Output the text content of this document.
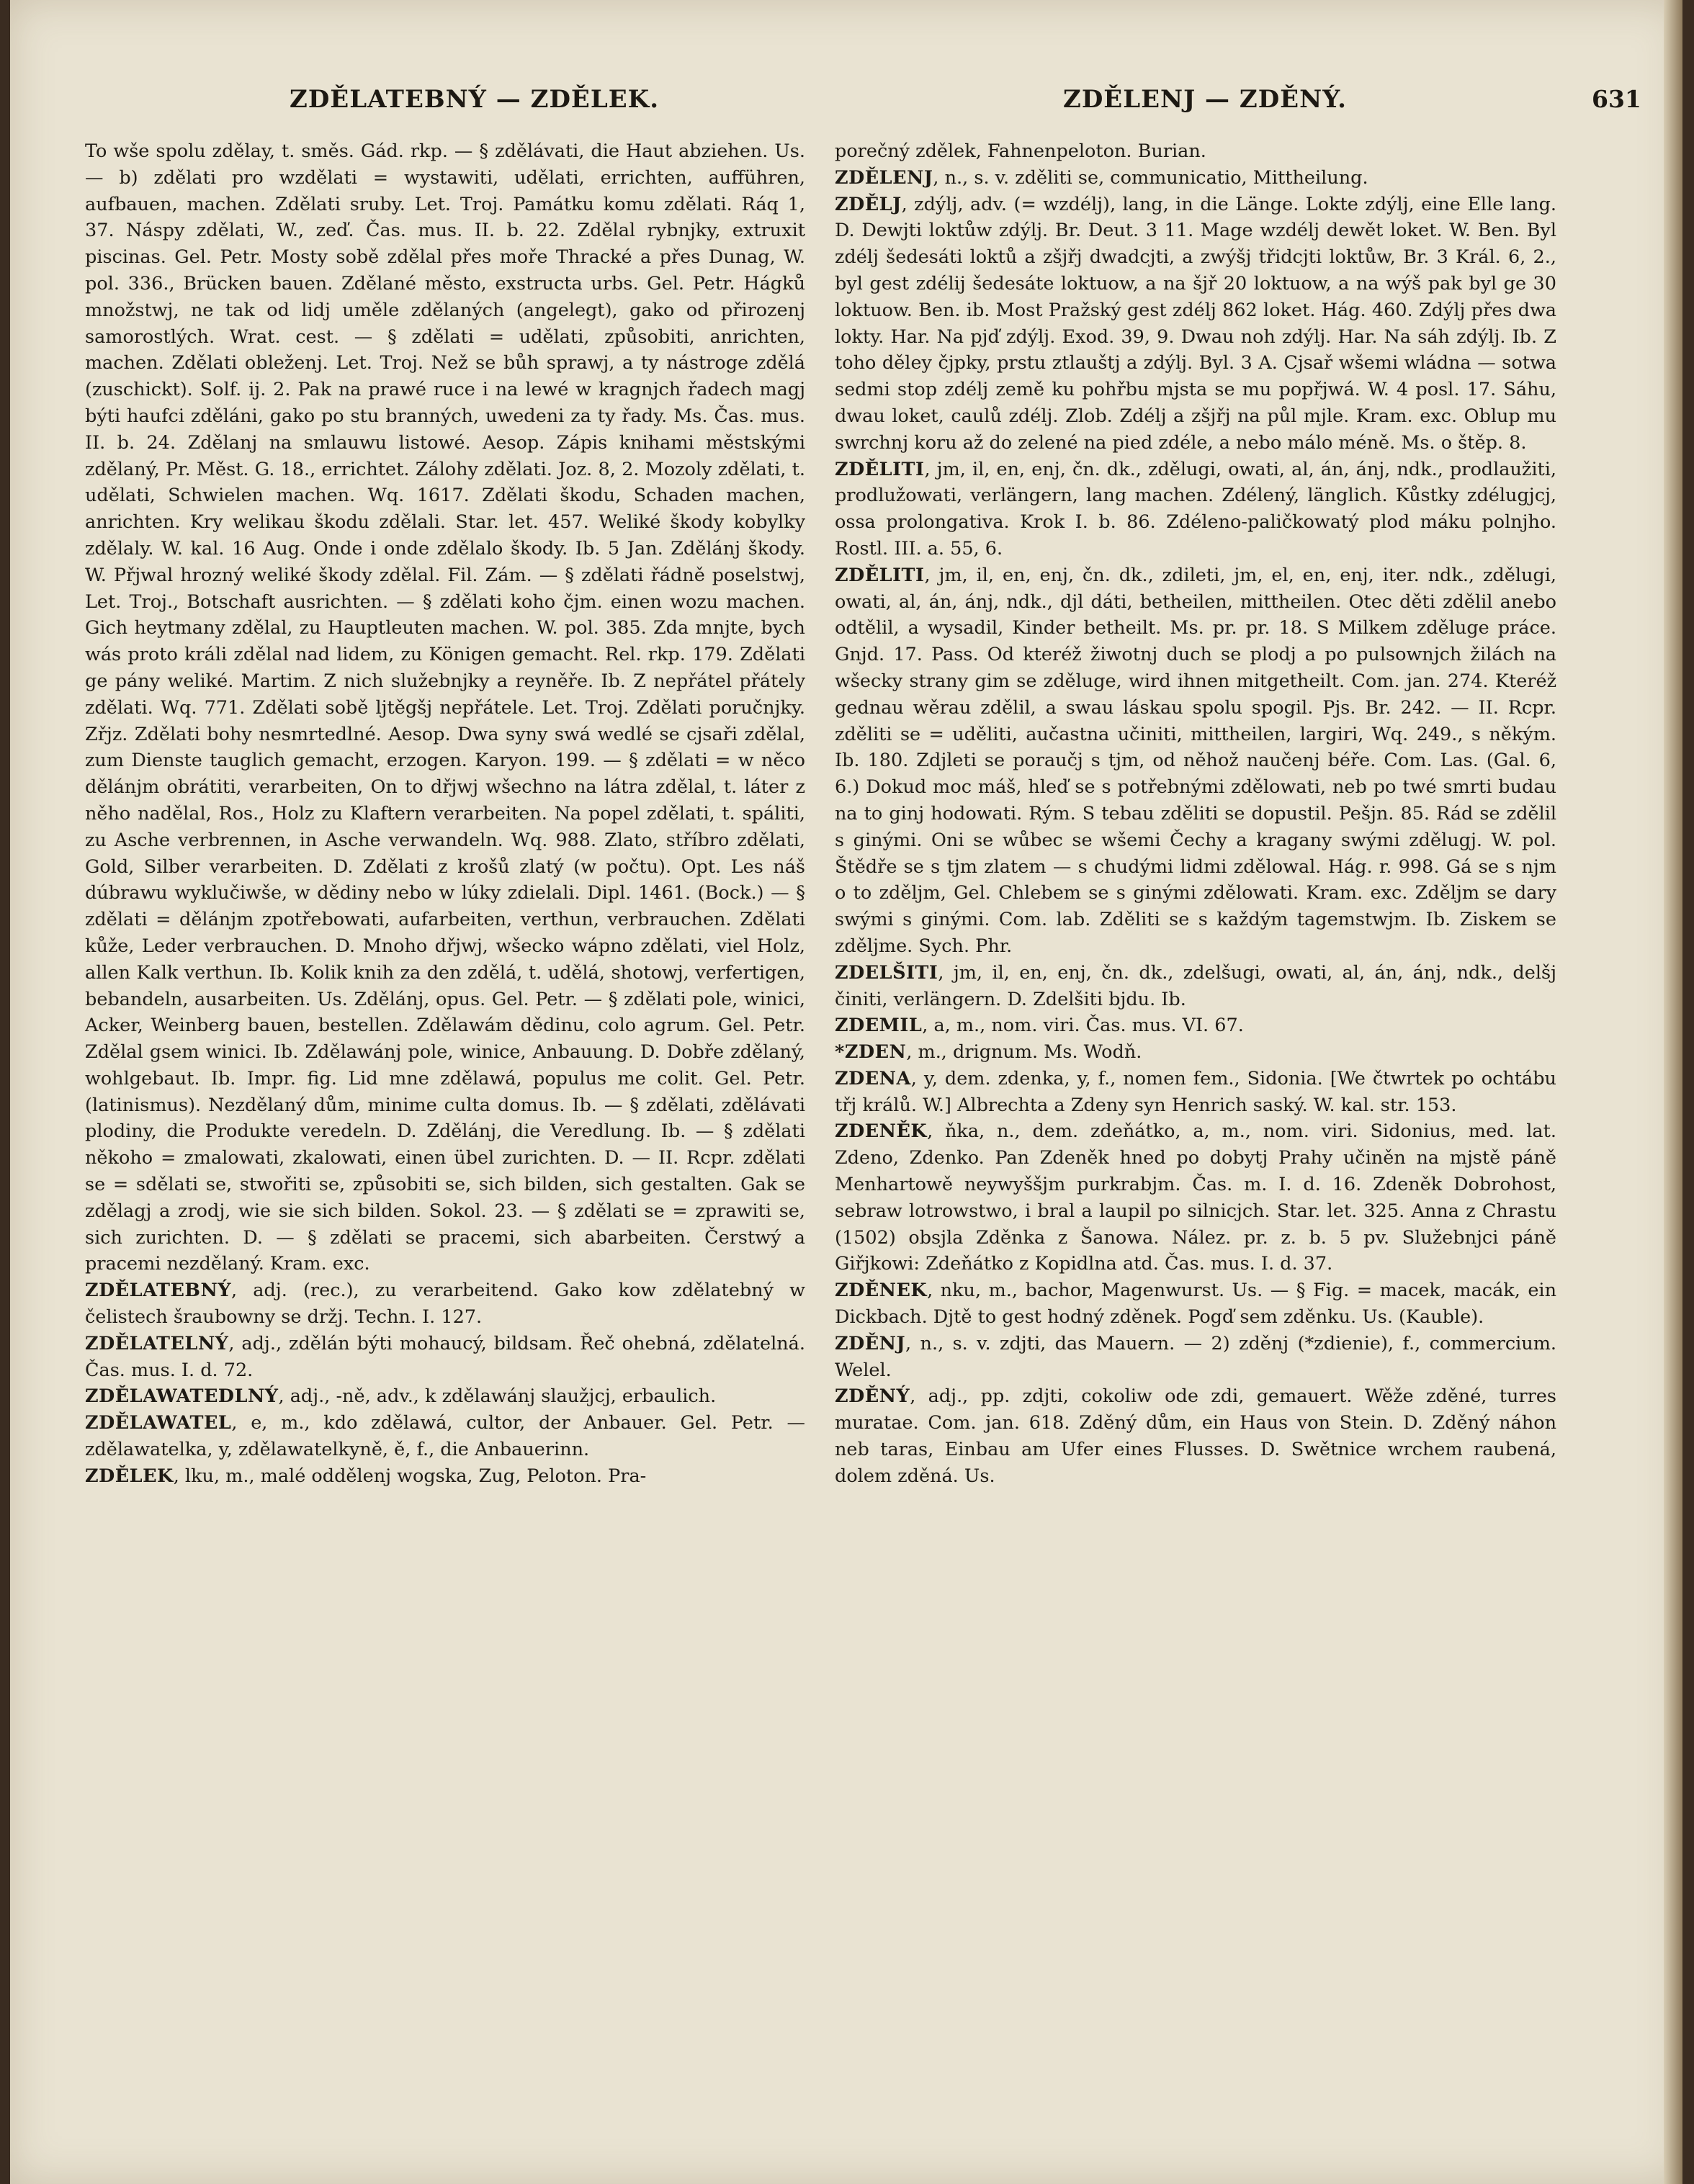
ZDĚLATEBNÝ — ZDĚLEK.	ZDĚLENJ — ZDĚNÝ.	631

To wše spolu zdělay, t. směs. Gád. rkp. — § zdělávati, die Haut abziehen. Us. — b) zdělati pro wzdělati = wystawiti, udělati, errichten, aufführen, aufbauen, machen. Zdělati sruby. Let. Troj. Památku komu zdělati. Ráq 1, 37. Náspy zdělati, W., zeď. Čas. mus. II. b. 22. Zdělal rybnjky, extruxit piscinas. Gel. Petr. Mosty sobě zdělal přes moře Thracké a přes Dunag, W. pol. 336., Brücken bauen. Zdělané město, exstructa urbs. Gel. Petr. Hágků množstwj, ne tak od lidj uměle zdělaných (angelegt), gako od přirozenj samorostlých. Wrat. cest. — § zdělati = udělati, způsobiti, anrichten, machen. Zdělati obleženj. Let. Troj. Než se bůh sprawj, a ty nástroge zdělá (zuschickt). Solf. ij. 2. Pak na prawé ruce i na lewé w kragnjch řadech magj býti haufci zděláni, gako po stu branných, uwedeni za ty řady. Ms. Čas. mus. II. b. 24. Zdělanj na smlauwu listowé. Aesop. Zápis knihami městskými zdělaný, Pr. Měst. G. 18., errichtet. Zálohy zdělati. Joz. 8, 2. Mozoly zdělati, t. udělati, Schwielen machen. Wq. 1617. Zdělati škodu, Schaden machen, anrichten. Kry welikau škodu zdělali. Star. let. 457. Weliké škody kobylky zdělaly. W. kal. 16 Aug. Onde i onde zdělalo škody. Ib. 5 Jan. Zdělánj škody. W. Přjwal hrozný weliké škody zdělal. Fil. Zám. — § zdělati řádně poselstwj, Let. Troj., Botschaft ausrichten. — § zdělati koho čjm. einen wozu machen. Gich heytmany zdělal, zu Hauptleuten machen. W. pol. 385. Zda mnjte, bych wás proto králi zdělal nad lidem, zu Königen gemacht. Rel. rkp. 179. Zdělati ge pány weliké. Martim. Z nich služebnjky a reyněře. Ib. Z nepřátel přátely zdělati. Wq. 771. Zdělati sobě ljtěgšj nepřátele. Let. Troj. Zdělati poručnjky. Zřjz. Zdělati bohy nesmrtedlné. Aesop. Dwa syny swá wedlé se cjsaři zdělal, zum Dienste tauglich gemacht, erzogen. Karyon. 199. — § zdělati = w něco dělánjm obrátiti, verarbeiten, On to dřjwj wšechno na látra zdělal, t. láter z něho nadělal, Ros., Holz zu Klaftern verarbeiten. Na popel zdělati, t. spáliti, zu Asche verbrennen, in Asche verwandeln. Wq. 988. Zlato, stříbro zdělati, Gold, Silber verarbeiten. D. Zdělati z krošů zlatý (w počtu). Opt. Les náš dúbrawu wyklučiwše, w dědiny nebo w lúky zdielali. Dipl. 1461. (Bock.) — § zdělati = dělánjm zpotřebowati, aufarbeiten, verthun, verbrauchen. Zdělati kůže, Leder verbrauchen. D. Mnoho dřjwj, wšecko wápno zdělati, viel Holz, allen Kalk verthun. Ib. Kolik knih za den zdělá, t. udělá, shotowj, verfertigen, bebandeln, ausarbeiten. Us. Zdělánj, opus. Gel. Petr. — § zdělati pole, winici, Acker, Weinberg bauen, bestellen. Zdělawám dědinu, colo agrum. Gel. Petr. Zdělal gsem winici. Ib. Zdělawánj pole, winice, Anbauung. D. Dobře zdělaný, wohlgebaut. Ib. Impr. fig. Lid mne zdělawá, populus me colit. Gel. Petr. (latinismus). Nezdělaný dům, minime culta domus. Ib. — § zdělati, zdělávati plodiny, die Produkte veredeln. D. Zdělánj, die Veredlung. Ib. — § zdělati někoho = zmalowati, zkalowati, einen übel zurichten. D. — II. Rcpr. zdělati se = sdělati se, stwořiti se, způsobiti se, sich bilden, sich gestalten. Gak se zdělagj a zrodj, wie sie sich bilden. Sokol. 23. — § zdělati se = zprawiti se, sich zurichten. D. — § zdělati se pracemi, sich abarbeiten. Čerstwý a pracemi nezdělaný. Kram. exc.

ZDĚLATEBNÝ, adj. (rec.), zu verarbeitend. Gako kow zdělatebný w čelistech šraubowny se držj. Techn. I. 127.

ZDĚLATELNÝ, adj., zdělán býti mohaucý, bildsam. Řeč ohebná, zdělatelná. Čas. mus. I. d. 72.

ZDĚLAWATEDLNÝ, adj., -ně, adv., k zdělawánj slaužjcj, erbaulich.

ZDĚLAWATEL, e, m., kdo zdělawá, cultor, der Anbauer. Gel. Petr. — zdělawatelka, y, zdělawatelkyně, ě, f., die Anbauerinn.

ZDĚLEK, lku, m., malé oddělenj wogska, Zug, Peloton. Pra-

porečný zdělek, Fahnenpeloton. Burian.

ZDĚLENJ, n., s. v. zděliti se, communicatio, Mittheilung.

ZDĚLJ, zdýlj, adv. (= wzdélj), lang, in die Länge. Lokte zdýlj, eine Elle lang. D. Dewjti loktůw zdýlj. Br. Deut. 3 11. Mage wzdélj dewět loket. W. Ben. Byl zdélj šedesáti loktů a zšjřj dwadcjti, a zwýšj třidcjti loktůw, Br. 3 Král. 6, 2., byl gest zdélij šedesáte loktuow, a na šjř 20 loktuow, a na wýš pak byl ge 30 loktuow. Ben. ib. Most Pražský gest zdélj 862 loket. Hág. 460. Zdýlj přes dwa lokty. Har. Na pjď zdýlj. Exod. 39, 9. Dwau noh zdýlj. Har. Na sáh zdýlj. Ib. Z toho děley čjpky, prstu ztlauštj a zdýlj. Byl. 3 A. Cjsař wšemi wládna — sotwa sedmi stop zdélj země ku pohřbu mjsta se mu popřjwá. W. 4 posl. 17. Sáhu, dwau loket, caulů zdélj. Zlob. Zdélj a zšjřj na půl mjle. Kram. exc. Oblup mu swrchnj koru až do zelené na pied zdéle, a nebo málo méně. Ms. o štěp. 8.

ZDĚLITI, jm, il, en, enj, čn. dk., zdělugi, owati, al, án, ánj, ndk., prodlaužiti, prodlužowati, verlängern, lang machen. Zdélený, länglich. Kůstky zdélugjcj, ossa prolongativa. Krok I. b. 86. Zdéleno-paličkowatý plod máku polnjho. Rostl. III. a. 55, 6.

ZDĚLITI, jm, il, en, enj, čn. dk., zdileti, jm, el, en, enj, iter. ndk., zdělugi, owati, al, án, ánj, ndk., djl dáti, betheilen, mittheilen. Otec děti zdělil anebo odtělil, a wysadil, Kinder betheilt. Ms. pr. pr. 18. S Milkem zděluge práce. Gnjd. 17. Pass. Od kteréž žiwotnj duch se plodj a po pulsownjch žilách na wšecky strany gim se zděluge, wird ihnen mitgetheilt. Com. jan. 274. Kteréž gednau wěrau zdělil, a swau láskau spolu spogil. Pjs. Br. 242. — II. Rcpr. zděliti se = uděliti, aučastna učiniti, mittheilen, largiri, Wq. 249., s někým. Ib. 180. Zdjleti se poraučj s tjm, od něhož naučenj béře. Com. Las. (Gal. 6, 6.) Dokud moc máš, hleď se s potřebnými zdělowati, neb po twé smrti budau na to ginj hodowati. Rým. S tebau zděliti se dopustil. Pešjn. 85. Rád se zdělil s ginými. Oni se wůbec se wšemi Čechy a kragany swými zdělugj. W. pol. Štědře se s tjm zlatem — s chudými lidmi zdělowal. Hág. r. 998. Gá se s njm o to zděljm, Gel. Chlebem se s ginými zdělowati. Kram. exc. Zděljm se dary swými s ginými. Com. lab. Zděliti se s každým tagemstwjm. Ib. Ziskem se zděljme. Sych. Phr.

ZDELŠITI, jm, il, en, enj, čn. dk., zdelšugi, owati, al, án, ánj, ndk., delšj činiti, verlängern. D. Zdelšiti bjdu. Ib.

ZDEMIL, a, m., nom. viri. Čas. mus. VI. 67.

*ZDEN, m., drignum. Ms. Wodň.

ZDENA, y, dem. zdenka, y, f., nomen fem., Sidonia. [We čtwrtek po ochtábu třj králů. W.] Albrechta a Zdeny syn Henrich saský. W. kal. str. 153.

ZDENĚK, ňka, n., dem. zdeňátko, a, m., nom. viri. Sidonius, med. lat. Zdeno, Zdenko. Pan Zdeněk hned po dobytj Prahy učiněn na mjstě páně Menhartowě neywyššjm purkrabjm. Čas. m. I. d. 16. Zdeněk Dobrohost, sebraw lotrowstwo, i bral a laupil po silnicjch. Star. let. 325. Anna z Chrastu (1502) obsjla Zděnka z Šanowa. Nález. pr. z. b. 5 pv. Služebnjci páně Giřjkowi: Zdeňátko z Kopidlna atd. Čas. mus. I. d. 37.

ZDĚNEK, nku, m., bachor, Magenwurst. Us. — § Fig. = macek, macák, ein Dickbach. Djtě to gest hodný zděnek. Pogď sem zděnku. Us. (Kauble).

ZDĚNJ, n., s. v. zdjti, das Mauern. — 2) zděnj (*zdienie), f., commercium. Welel.

ZDĚNÝ, adj., pp. zdjti, cokoliw ode zdi, gemauert. Wěže zděné, turres muratae. Com. jan. 618. Zděný dům, ein Haus von Stein. D. Zděný náhon neb taras, Einbau am Ufer eines Flusses. D. Swětnice wrchem raubená, dolem zděná. Us.
